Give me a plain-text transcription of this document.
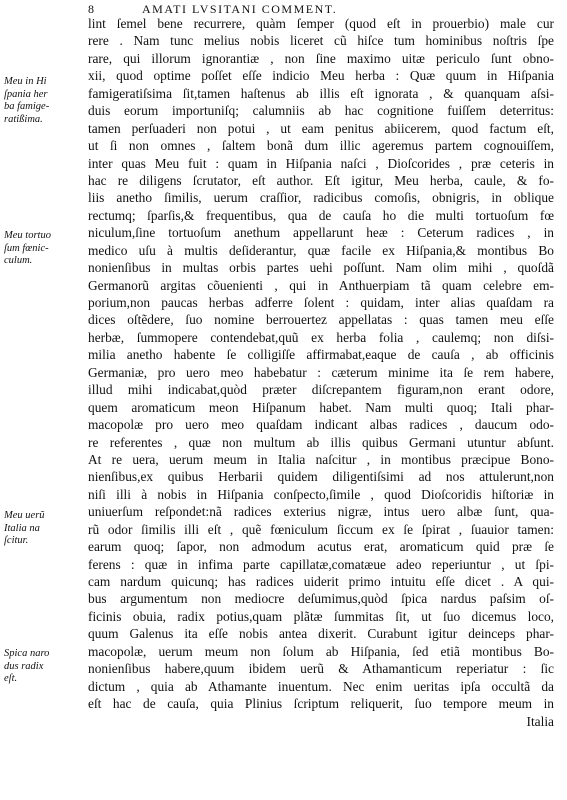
8	AMATI LVSITANI COMMENT.
Meu in Hi
ſpania her
ba famige-
ratißima.
Meu tortuo
ſum fœnic-
culum.
Meu uerũ
Italia na
ſcitur.
Spica naro
dus radix
eſt.
lint ſemel bene recurrere, quàm ſemper (quod eſt in prouerbio) male cur
rere . Nam tunc melius nobis liceret cũ hiſce tum hominibus noſtris ſpe
rare, qui illorum ignorantiæ , non ſine maximo uitæ periculo ſunt obno-
xii, quod optime poſſet eſſe indicio Meu herba : Quæ quum in Hiſpania
famigeratiſsima ſit,tamen haſtenus ab illis eſt ignorata , & quanquam aſsi-
duis eorum importuniſq; calumniis ab hac cognitione fuiſſem deterritus:
tamen perſuaderi non potui , ut eam penitus abiicerem, quod factum eſt,
ut ſi non omnes , ſaltem bonã dum illic ageremus partem cognouiſſem,
inter quas Meu fuit : quam in Hiſpania naſci , Dioſcorides , præ ceteris in
hac re diligens ſcrutator, eſt author. Eſt igitur, Meu herba, caule, & fo-
liis anetho ſimilis, uerum craſſior, radicibus comoſis, obnigris, in oblique
rectumq; ſparſis,& frequentibus, qua de cauſa ho die multi tortuoſum fœ
niculum,ſine tortuoſum anethum appellarunt heæ : Ceterum radices , in
medico uſu à multis deſiderantur, quæ facile ex Hiſpania,& montibus Bo
nonienſibus in multas orbis partes uehi poſſunt. Nam olim mihi , quoſdã
Germanorũ argitas cõuenienti , qui in Anthuerpiam tã quam celebre em-
porium,non paucas herbas adferre ſolent : quidam, inter alias quaſdam ra
dices oſtẽdere, ſuo nomine berrouertez appellatas : quas tamen meu eſſe
herbæ, ſummopere contendebat,quũ ex herba folia , caulemq; non diſsi-
milia anetho habente ſe colligiſſe affirmabat,eaque de cauſa , ab officinis
Germaniæ, pro uero meo habebatur : cæterum minime ita ſe rem habere,
illud mihi indicabat,quòd præter diſcrepantem figuram,non erant odore,
quem aromaticum meon Hiſpanum habet. Nam multi quoq; Itali phar-
macopolæ pro uero meo quaſdam indicant albas radices , daucum odo-
re referentes , quæ non multum ab illis quibus Germani utuntur abſunt.
At re uera, uerum meum in Italia naſcitur , in montibus præcipue Bono-
nienſibus,ex quibus Herbarii quidem diligentiſsimi ad nos attulerunt,non
niſi illi à nobis in Hiſpania conſpecto,ſimile , quod Dioſcoridis hiſtoriæ in
uniuerſum reſpondet:nã radices exterius nigræ, intus uero albæ ſunt, qua-
rũ odor ſimilis illi eſt , quẽ fœniculum ſiccum ex ſe ſpirat , ſuauior tamen:
earum quoq; ſapor, non admodum acutus erat, aromaticum quid præ ſe
ferens : quæ in infima parte capillatæ,comatæue adeo reperiuntur , ut ſpi-
cam nardum quicunq; has radices uiderit primo intuitu eſſe dicet . A qui-
bus argumentum non mediocre deſumimus,quòd ſpica nardus paſsim oſ-
ficinis obuia, radix potius,quam plãtæ ſummitas ſit, ut ſuo dicemus loco,
quum Galenus ita eſſe nobis antea dixerit. Curabunt igitur deinceps phar-
macopolæ, uerum meum non ſolum ab Hiſpania, ſed etiã montibus Bo-
nonienſibus habere,quum ibidem uerũ & Athamanticum reperiatur : ſic
dictum , quia ab Athamante inuentum. Nec enim ueritas ipſa occultã da
eſt hac de cauſa, quia Plinius ſcriptum reliquerit, ſuo tempore meum in
Italia
